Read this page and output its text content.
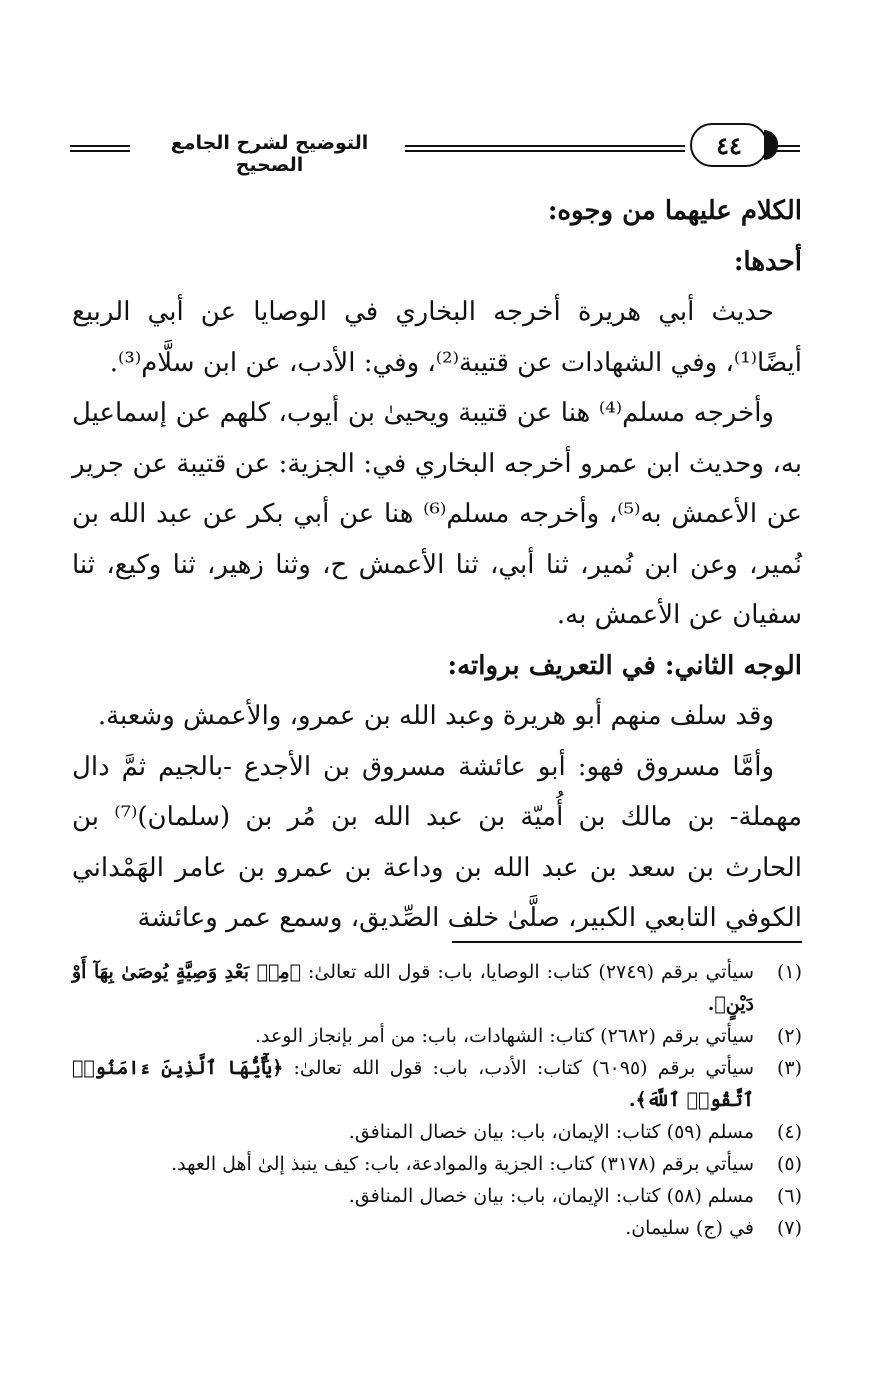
التوضيح لشرح الجامع الصحيح
٤٤

الكلام عليهما من وجوه:

أحدها:

حديث أبي هريرة أخرجه البخاري في الوصايا عن أبي الربيع أيضًا⁽¹⁾، وفي الشهادات عن قتيبة⁽²⁾، وفي: الأدب، عن ابن سلَّام⁽³⁾.

وأخرجه مسلم⁽⁴⁾ هنا عن قتيبة ويحيىٰ بن أيوب، كلهم عن إسماعيل به، وحديث ابن عمرو أخرجه البخاري في: الجزية: عن قتيبة عن جرير عن الأعمش به⁽⁵⁾، وأخرجه مسلم⁽⁶⁾ هنا عن أبي بكر عن عبد الله بن نُمير، وعن ابن نُمير، ثنا أبي، ثنا الأعمش ح، وثنا زهير، ثنا وكيع، ثنا سفيان عن الأعمش به.

الوجه الثاني: في التعريف برواته:

وقد سلف منهم أبو هريرة وعبد الله بن عمرو، والأعمش وشعبة.

وأمَّا مسروق فهو: أبو عائشة مسروق بن الأجدع -بالجيم ثمَّ دال مهملة- بن مالك بن أُميّة بن عبد الله بن مُر بن (سلمان)⁽⁷⁾ بن الحارث بن سعد بن عبد الله بن وداعة بن عمرو بن عامر الهَمْداني الكوفي التابعي الكبير، صلَّىٰ خلف الصِّديق، وسمع عمر وعائشة

(١)
سيأتي برقم (٢٧٤٩) كتاب: الوصايا، باب: قول الله تعالىٰ: ﴿مِنۢ بَعْدِ وَصِيَّةٍ يُوصَىٰ بِهَآ أَوْ دَيْنٍ﴾.
(٢)
سيأتي برقم (٢٦٨٢) كتاب: الشهادات، باب: من أمر بإنجاز الوعد.
(٣)
سيأتي برقم (٦٠٩٥) كتاب: الأدب، باب: قول الله تعالىٰ: ﴿يَٰٓأَيُّهَا ٱلَّذِينَ ءَامَنُوا۟ ٱتَّقُوا۟ ٱللَّهَ﴾.
(٤)
مسلم (٥٩) كتاب: الإيمان، باب: بيان خصال المنافق.
(٥)
سيأتي برقم (٣١٧٨) كتاب: الجزية والموادعة، باب: كيف ينبذ إلىٰ أهل العهد.
(٦)
مسلم (٥٨) كتاب: الإيمان، باب: بيان خصال المنافق.
(٧)
في (ج) سليمان.
